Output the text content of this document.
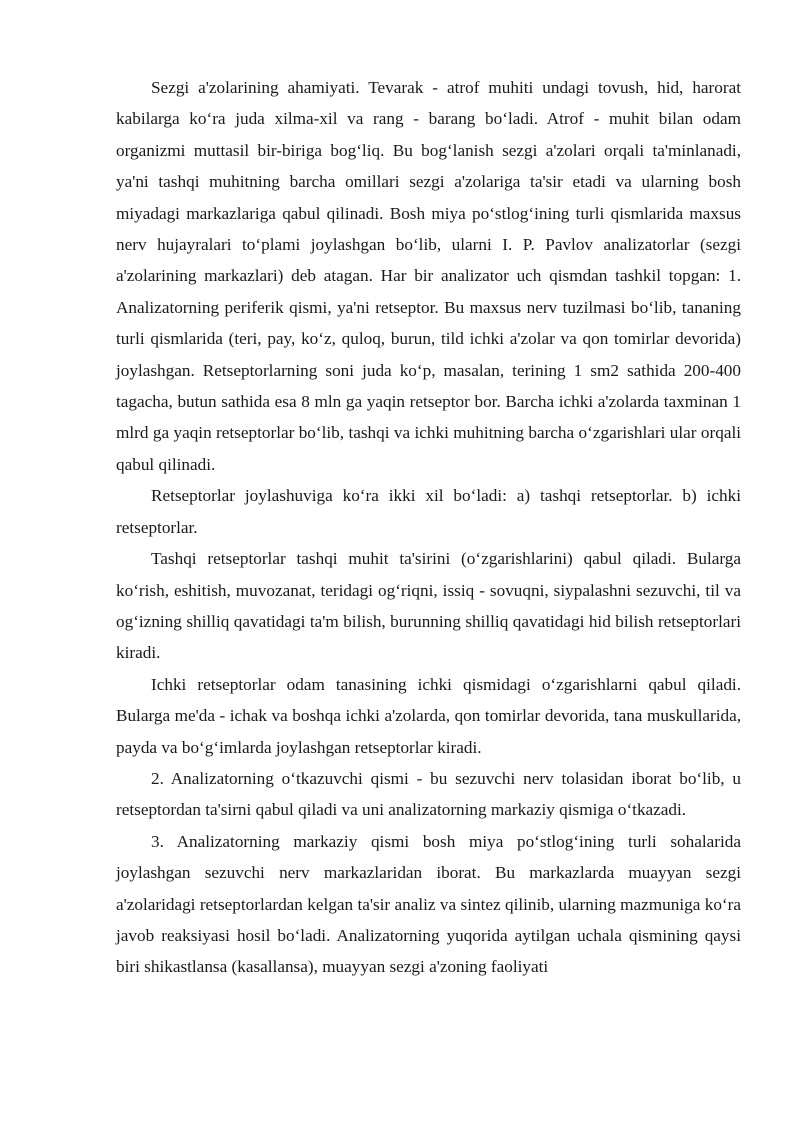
Sezgi a'zolarining ahamiyati. Tevarak - atrof muhiti undagi tovush, hid, harorat kabilarga ko‘ra juda xilma-xil va rang - barang bo‘ladi. Atrof - muhit bilan odam organizmi muttasil bir-biriga bog‘liq. Bu bog‘lanish sezgi a'zolari orqali ta'minlanadi, ya'ni tashqi muhitning barcha omillari sezgi a'zolariga ta'sir etadi va ularning bosh miyadagi markazlariga qabul qilinadi. Bosh miya po‘stlog‘ining turli qismlarida maxsus nerv hujayralari to‘plami joylashgan bo‘lib, ularni I. P. Pavlov analizatorlar (sezgi a'zolarining markazlari) deb atagan. Har bir analizator uch qismdan tashkil topgan: 1. Analizatorning periferik qismi, ya'ni retseptor. Bu maxsus nerv tuzilmasi bo‘lib, tananing turli qismlarida (teri, pay, ko‘z, quloq, burun, tild ichki a'zolar va qon tomirlar devorida) joylashgan. Retseptorlarning soni juda ko‘p, masalan, terining 1 sm2 sathida 200-400 tagacha, butun sathida esa 8 mln ga yaqin retseptor bor. Barcha ichki a'zolarda taxminan 1 mlrd ga yaqin retseptorlar bo‘lib, tashqi va ichki muhitning barcha o‘zgarishlari ular orqali qabul qilinadi.

Retseptorlar joylashuviga ko‘ra ikki xil bo‘ladi: a) tashqi retseptorlar. b) ichki retseptorlar.

Tashqi retseptorlar tashqi muhit ta'sirini (o‘zgarishlarini) qabul qiladi. Bularga ko‘rish, eshitish, muvozanat, teridagi og‘riqni, issiq - sovuqni, siypalashni sezuvchi, til va og‘izning shilliq qavatidagi ta'm bilish, burunning shilliq qavatidagi hid bilish retseptorlari kiradi.

Ichki retseptorlar odam tanasining ichki qismidagi o‘zgarishlarni qabul qiladi. Bularga me'da - ichak va boshqa ichki a'zolarda, qon tomirlar devorida, tana muskullarida, payda va bo‘g‘imlarda joylashgan retseptorlar kiradi.

2. Analizatorning o‘tkazuvchi qismi - bu sezuvchi nerv tolasidan iborat bo‘lib, u retseptordan ta'sirni qabul qiladi va uni analizatorning markaziy qismiga o‘tkazadi.

3. Analizatorning markaziy qismi bosh miya po‘stlog‘ining turli sohalarida joylashgan sezuvchi nerv markazlaridan iborat. Bu markazlarda muayyan sezgi a'zolaridagi retseptorlardan kelgan ta'sir analiz va sintez qilinib, ularning mazmuniga ko‘ra javob reaksiyasi hosil bo‘ladi. Analizatorning yuqorida aytilgan uchala qismining qaysi biri shikastlansa (kasallansa), muayyan sezgi a'zoning faoliyati
